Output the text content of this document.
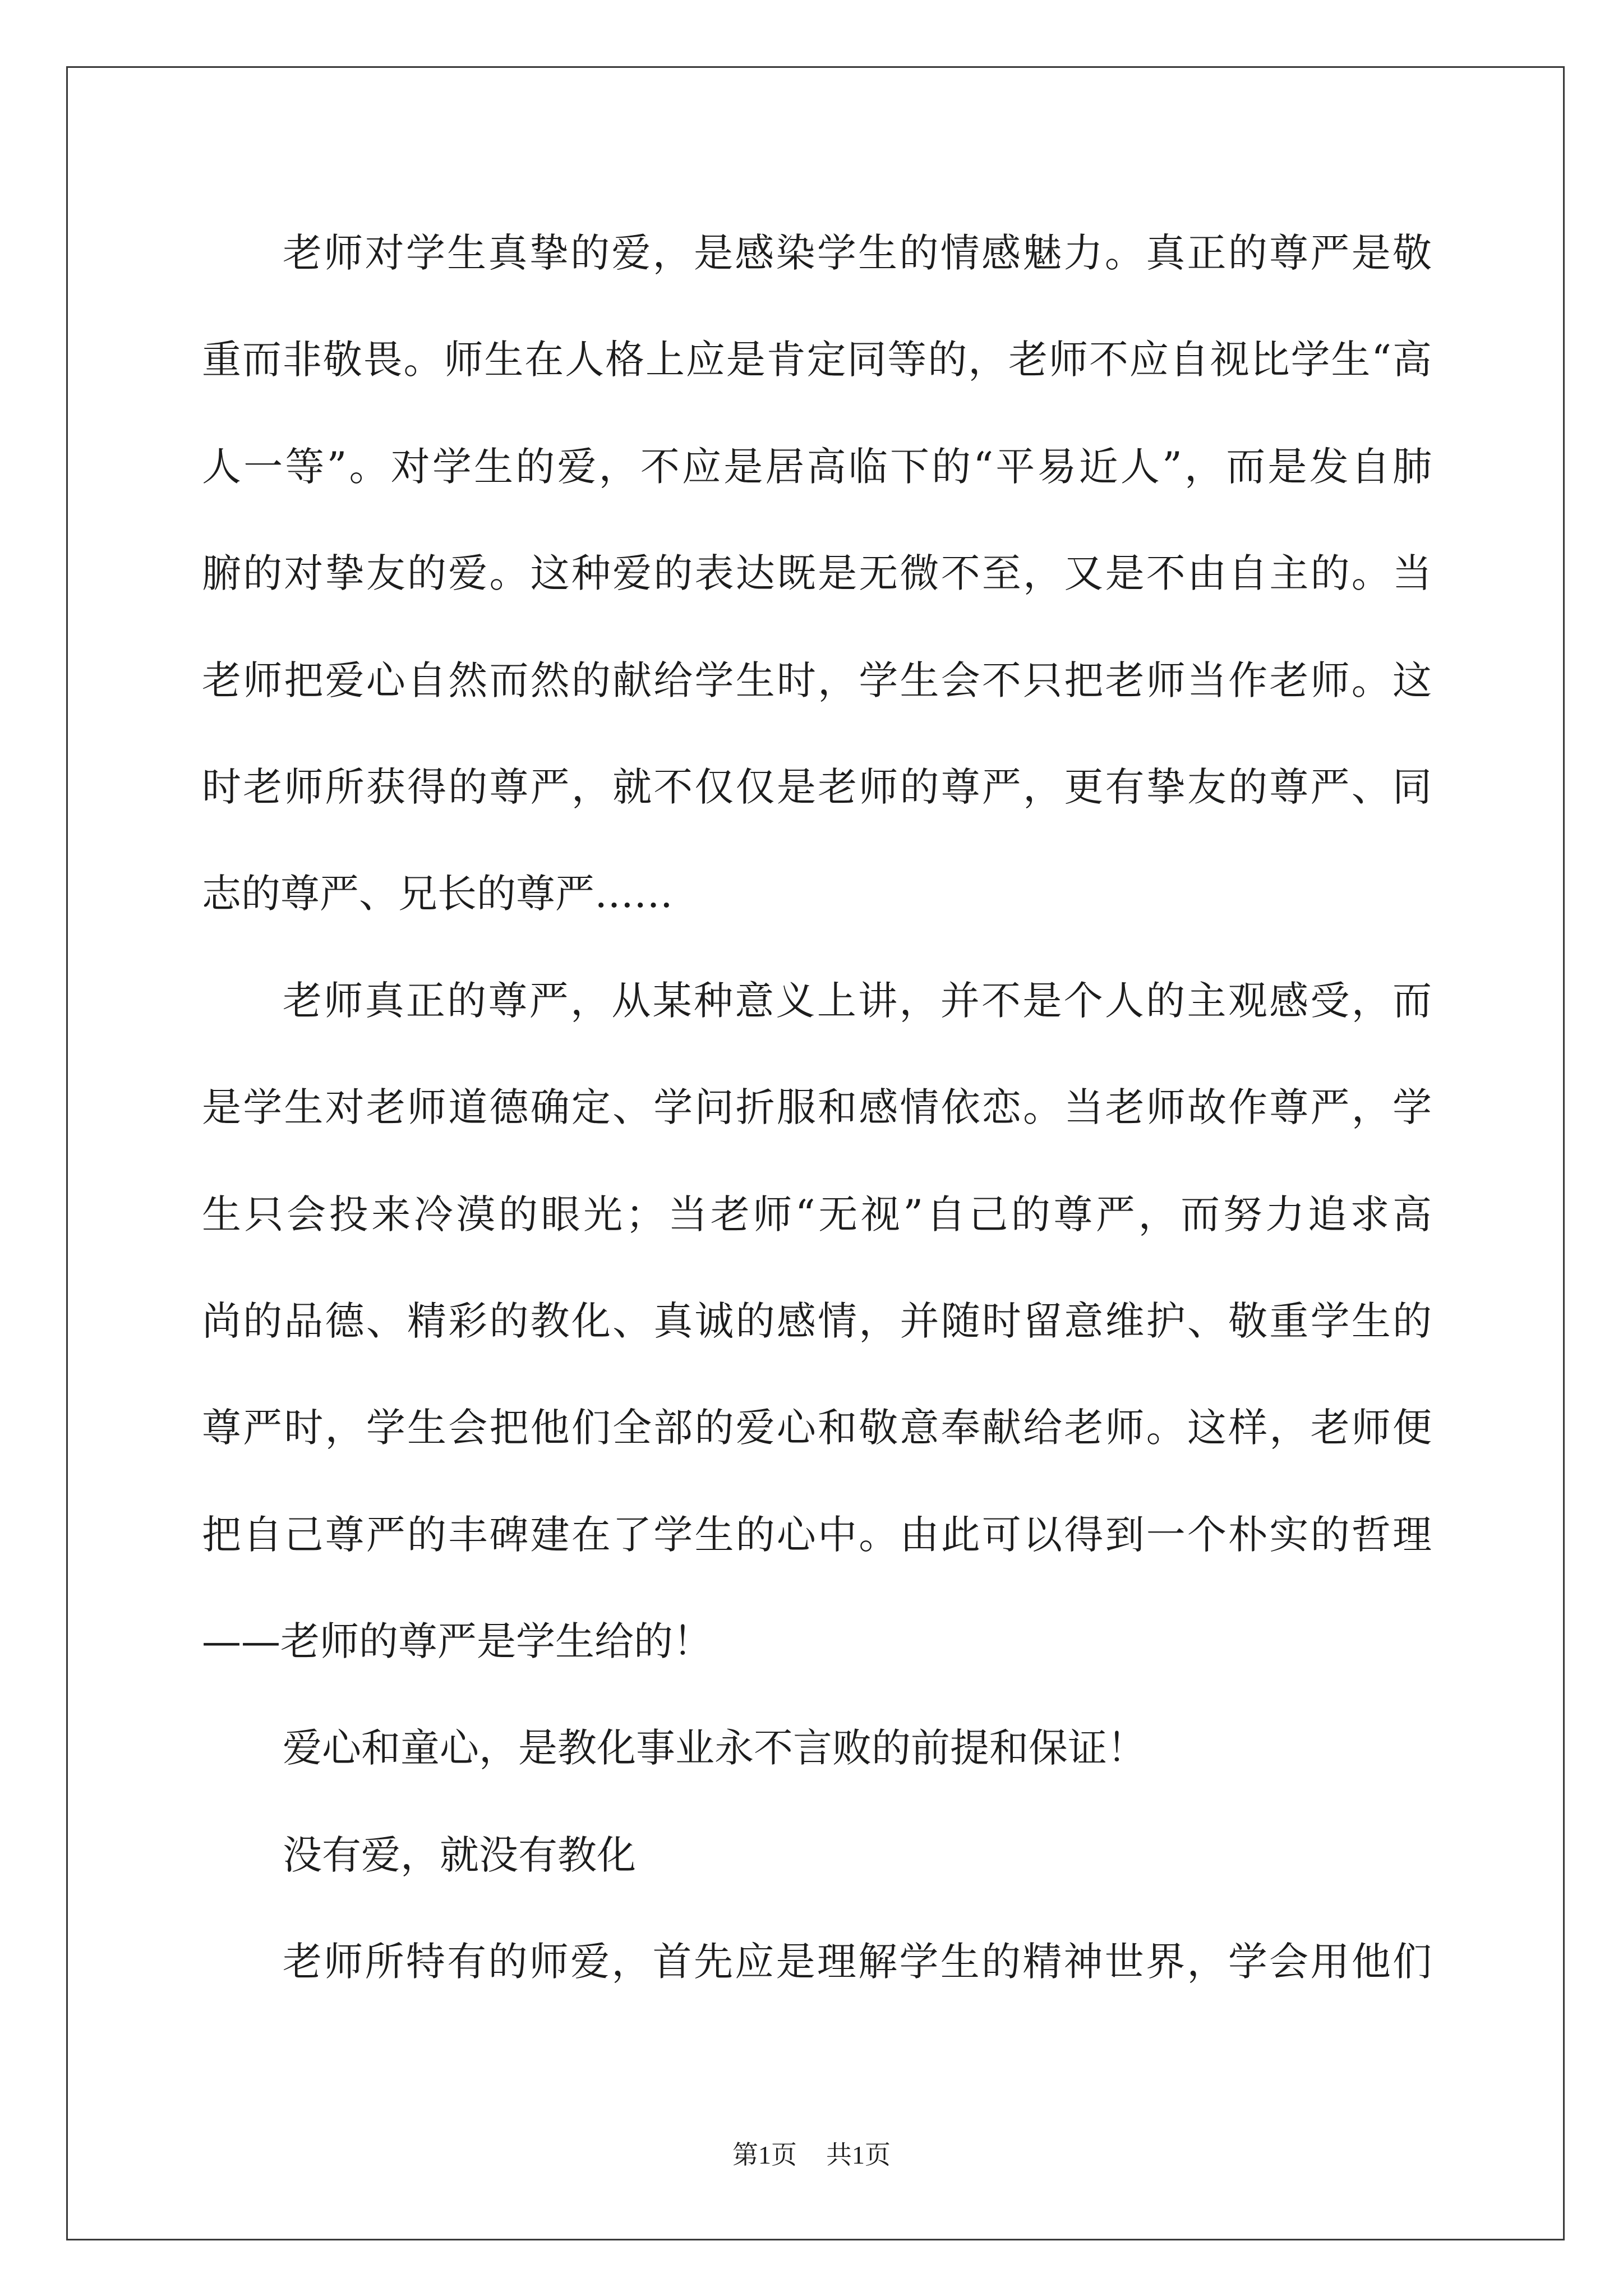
老师对学生真挚的爱，是感染学生的情感魅力。真正的尊严是敬
重而非敬畏。师生在人格上应是肯定同等的，老师不应自视比学生“高
人一等”。对学生的爱，不应是居高临下的“平易近人”，而是发自肺
腑的对挚友的爱。这种爱的表达既是无微不至，又是不由自主的。当
老师把爱心自然而然的献给学生时，学生会不只把老师当作老师。这
时老师所获得的尊严，就不仅仅是老师的尊严，更有挚友的尊严、同
志的尊严、兄长的尊严……
老师真正的尊严，从某种意义上讲，并不是个人的主观感受，而
是学生对老师道德确定、学问折服和感情依恋。当老师故作尊严，学
生只会投来冷漠的眼光；当老师“无视”自己的尊严，而努力追求高
尚的品德、精彩的教化、真诚的感情，并随时留意维护、敬重学生的
尊严时，学生会把他们全部的爱心和敬意奉献给老师。这样，老师便
把自己尊严的丰碑建在了学生的心中。由此可以得到一个朴实的哲理
——老师的尊严是学生给的！
爱心和童心，是教化事业永不言败的前提和保证！
没有爱，就没有教化
老师所特有的师爱，首先应是理解学生的精神世界，学会用他们
第1页 共1页
